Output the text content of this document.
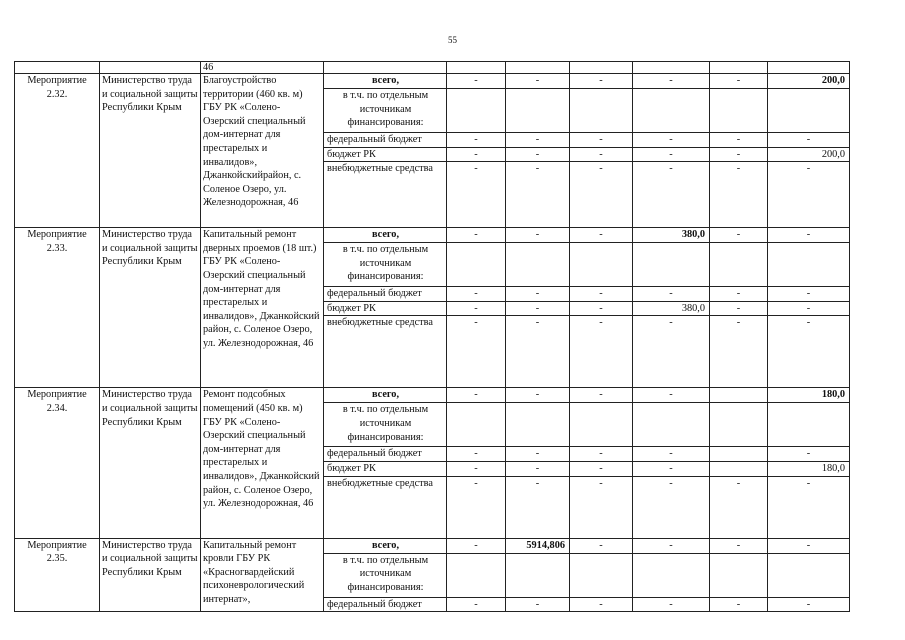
55
		46							
Мероприятие 2.32.	Министерство труда и социальной защиты Республики Крым	Благоустройство территории (460 кв. м) ГБУ РК «Солено-Озерский специальный дом-интернат для престарелых и инвалидов», Джанкойскийрайон, с. Соленое Озеро, ул. Железнодорожная, 46	всего,	-	-	-	-	-	200,0
			в т.ч. по отдельным источникам финансирования:						
			федеральный бюджет	-	-	-	-	-	-
			бюджет РК	-	-	-	-	-	200,0
			внебюджетные средства	-	-	-	-	-	-
Мероприятие 2.33.	Министерство труда и социальной защиты Республики Крым	Капитальный ремонт дверных проемов (18 шт.) ГБУ РК «Солено-Озерский специальный дом-интернат для престарелых и инвалидов», Джанкойский район, с. Соленое Озеро, ул. Железнодорожная, 46	всего,	-	-	-	380,0	-	-
			в т.ч. по отдельным источникам финансирования:						
			федеральный бюджет	-	-	-	-	-	-
			бюджет РК	-	-	-	380,0	-	-
			внебюджетные средства	-	-	-	-	-	-
Мероприятие 2.34.	Министерство труда и социальной защиты Республики Крым	Ремонт подсобных помещений (450 кв. м) ГБУ РК «Солено-Озерский специальный дом-интернат для престарелых и инвалидов», Джанкойский район, с. Соленое Озеро, ул. Железнодорожная, 46	всего,	-	-	-	-		180,0
			в т.ч. по отдельным источникам финансирования:						
			федеральный бюджет	-	-	-	-		-
			бюджет РК	-	-	-	-		180,0
			внебюджетные средства	-	-	-	-	-	-
Мероприятие 2.35.	Министерство труда и социальной защиты Республики Крым	Капитальный ремонт кровли ГБУ РК «Красногвардейский психоневрологический интернат»,	всего,	-	5914,806	-	-	-	-
			в т.ч. по отдельным источникам финансирования:						
			федеральный бюджет	-	-	-	-	-	-
